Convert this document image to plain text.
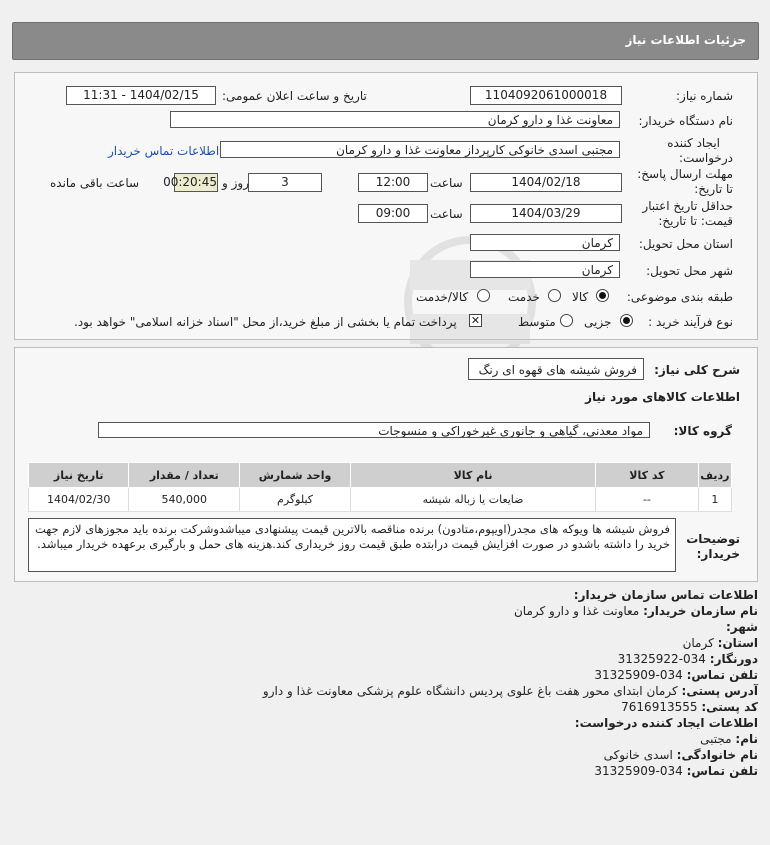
جزئیات اطلاعات نیاز
شماره نیاز:
1104092061000018
تاریخ و ساعت اعلان عمومی:
1404/02/15 - 11:31
نام دستگاه خریدار:
معاونت غذا و دارو کرمان
ایجاد کننده
درخواست:
مجتبی اسدی خانوکی کارپرداز معاونت غذا و دارو کرمان
اطلاعات تماس خریدار
مهلت ارسال پاسخ:
تا تاریخ:
1404/02/18
ساعت
12:00
3
روز و
00:20:45
ساعت باقی مانده
حداقل تاریخ اعتبار
قیمت: تا تاریخ:
1404/03/29
ساعت
09:00
استان محل تحویل:
کرمان
شهر محل تحویل:
کرمان
طبقه بندی موضوعی:
کالا
خدمت
کالا/خدمت
نوع فرآیند خرید :
جزیی
متوسط
✕
پرداخت تمام یا بخشی از مبلغ خرید،از محل "اسناد خزانه اسلامی" خواهد بود.
شرح کلی نیاز:
فروش شیشه های قهوه ای رنگ
اطلاعات کالاهای مورد نیاز
گروه کالا:
مواد معدنی، گیاهی و جانوری غیرخوراکی و منسوجات
ردیف	کد کالا	نام کالا	واحد شمارش	تعداد / مقدار	تاریخ نیاز
1	--	ضایعات یا زباله شیشه	کیلوگرم	540,000	1404/02/30
توضیحات
خریدار:
فروش شیشه ها ویوکه های مجدر(اویپوم،متادون) برنده مناقصه بالاترین قیمت پیشنهادی میباشدوشرکت برنده باید مجوزهای لازم جهت خرید را داشته باشدو در صورت افزایش قیمت درابتده طبق قیمت روز خریداری کند.هزینه های حمل و بارگیری برعهده خریدار میباشد.
اطلاعات تماس سازمان خریدار:
نام سازمان خریدار: معاونت غذا و دارو کرمان
شهر:
استان: کرمان
دورنگار: 034-31325922
تلفن تماس: 034-31325909
آدرس پستی: کرمان ابتدای محور هفت باغ علوی پردیس دانشگاه علوم پزشکی معاونت غذا و دارو
کد پستی: 7616913555
اطلاعات ایجاد کننده درخواست:
نام: مجتبی
نام خانوادگی: اسدی خانوکی
تلفن تماس: 034-31325909
